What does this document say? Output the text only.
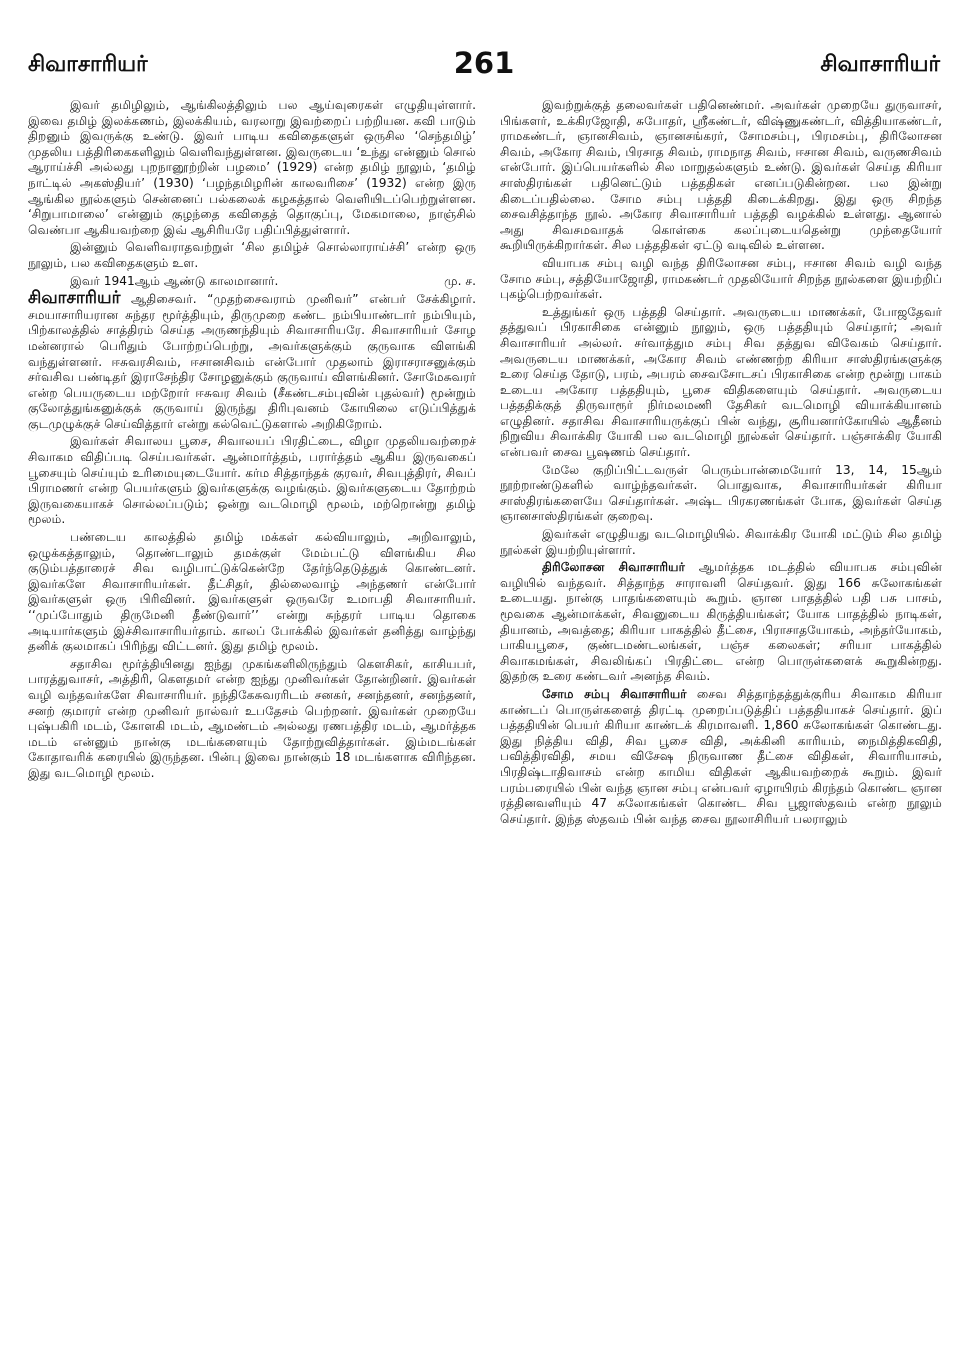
சிவாசாரியர்	261	சிவாசாரியர்

இவர் தமிழிலும், ஆங்கிலத்திலும் பல ஆய்வுரைகள் எழுதியுள்ளார். இவை தமிழ் இலக்கணம், இலக்கியம், வரலாறு இவற்றைப் பற்றியன. கவி பாடும் திறனும் இவருக்கு உண்டு. இவர் பாடிய கவிதைகளுள் ஒருசில ‘செந்தமிழ்’ முதலிய பத்திரிகைகளிலும் வெளிவந்துள்ளன. இவருடைய ‘உந்து என்னும் சொல் ஆராய்ச்சி அல்லது புறநானூற்றின் பழமை’ (1929) என்ற தமிழ் நூலும், ‘தமிழ் நாட்டில் அகஸ்தியர்’ (1930) ‘பழந்தமிழரின் காலவரிசை’ (1932) என்ற இரு ஆங்கில நூல்களும் சென்னைப் பல்கலைக் கழகத்தால் வெளியிடப்பெற்றுள்ளன. ‘சிறுபாமாலை’ என்னும் குழந்தை கவிதைத் தொகுப்பு, மேகமாலை, நாஞ்சில் வெண்பா ஆகியவற்றை இவ் ஆசிரியரே பதிப்பித்துள்ளார்.

இன்னும் வெளிவராதவற்றுள் ‘சில தமிழ்ச் சொல்லாராய்ச்சி’ என்ற ஒரு நூலும், பல கவிதைகளும் உள.

இவர் 1941ஆம் ஆண்டு காலமானார்.	மு. ச.

சிவாசாரியர் ஆதிசைவர். “முதற்சைவராம் முனிவர்” என்பர் சேக்கிழார். சமயாசாரியரான சுந்தர மூர்த்தியும், திருமுறை கண்ட நம்பியாண்டார் நம்பியும், பிற்காலத்தில் சாத்திரம் செய்த அருணந்தியும் சிவாசாரியரே. சிவாசாரியர் சோழ மன்னரால் பெரிதும் போற்றப்பெற்று, அவர்களுக்கும் குருவாக விளங்கி வந்துள்ளனர். ஈசுவரசிவம், ஈசானசிவம் என்போர் முதலாம் இராசராசனுக்கும் சர்வசிவ பண்டிதர் இராசேந்திர சோழனுக்கும் குருவாய் விளங்கினர். சோமேசுவரர் என்ற பெயருடைய மற்றோர் ஈசுவர சிவம் (சீகண்டசம்புவின் புதல்வர்) மூன்றும் குலோத்துங்கனுக்குக் குருவாய் இருந்து திரிபுவனம் கோயிலை எடுப்பித்துக் குடமுழுக்குச் செய்வித்தார் என்று கல்வெட்டுகளால் அறிகிறோம்.

இவர்கள் சிவாலய பூசை, சிவாலயப் பிரதிட்டை, விழா முதலியவற்றைச் சிவாகம விதிப்படி செய்பவர்கள். ஆன்மார்த்தம், பரார்த்தம் ஆகிய இருவகைப் பூசையும் செய்யும் உரிமையுடையோர். கர்ம சித்தாந்தக் குரவர், சிவபுத்திரர், சிவப் பிராமணர் என்ற பெயர்களும் இவர்களுக்கு வழங்கும். இவர்களுடைய தோற்றம் இருவகையாகச் சொல்லப்படும்; ஒன்று வடமொழி மூலம், மற்றொன்று தமிழ் மூலம்.

பண்டைய காலத்தில் தமிழ் மக்கள் கல்வியாலும், அறிவாலும், ஒழுக்கத்தாலும், தொண்டாலும் தமக்குள் மேம்பட்டு விளங்கிய சில குடும்பத்தாரைச் சிவ வழிபாட்டுக்கென்றே தேர்ந்தெடுத்துக் கொண்டனர். இவர்களே சிவாசாரியர்கள். தீட்சிதர், தில்லைவாழ் அந்தணர் என்போர் இவர்களுள் ஒரு பிரிவினர். இவர்களுள் ஒருவரே உமாபதி சிவாசாரியர். ‘‘முப்போதும் திருமேனி தீண்டுவார்’’ என்று சுந்தரர் பாடிய தொகை அடியார்களும் இச்சிவாசாரியர்தாம். காலப் போக்கில் இவர்கள் தனித்து வாழ்ந்து தனிக் குலமாகப் பிரிந்து விட்டனர். இது தமிழ் மூலம்.

சதாசிவ மூர்த்தியினது ஐந்து முகங்களிலிருந்தும் கௌசிகர், காசியபர், பாரத்துவாசர், அத்திரி, கௌதமர் என்ற ஐந்து முனிவர்கள் தோன்றினர். இவர்கள் வழி வந்தவர்களே சிவாசாரியர். நந்திகேசுவரரிடம் சனகர், சனந்தனர், சனந்தனர், சனற் குமாரர் என்ற முனிவர் நால்வர் உபதேசம் பெற்றனர். இவர்கள் முறையே புஷ்பகிரி மடம், கோளகி மடம், ஆமண்டம் அல்லது ரணபத்திர மடம், ஆமர்த்தக மடம் என்னும் நான்கு மடங்களையும் தோற்றுவித்தார்கள். இம்மடங்கள் கோதாவரிக் கரையில் இருந்தன. பின்பு இவை நான்கும் 18 மடங்களாக விரிந்தன. இது வடமொழி மூலம்.

இவற்றுக்குத் தலைவர்கள் பதினெண்மர். அவர்கள் முறையே துருவாசர், பிங்களர், உக்கிரஜோதி, சுபோதர், ஸ்ரீகண்டர், விஷ்ணுகண்டர், வித்தியாகண்டர், ராமகண்டர், ஞானசிவம், ஞானசங்கரர், சோமசம்பு, பிரமசம்பு, திரிலோசன சிவம், அகோர சிவம், பிரசாத சிவம், ராமநாத சிவம், ஈசான சிவம், வருணசிவம் என்போர். இப்பெயர்களில் சில மாறுதல்களும் உண்டு. இவர்கள் செய்த கிரியா சாஸ்திரங்கள் பதினெட்டும் பத்ததிகள் எனப்படுகின்றன. பல இன்று கிடைப்பதில்லை. சோம சம்பு பத்ததி கிடைக்கிறது. இது ஒரு சிறந்த சைவசித்தாந்த நூல். அகோர சிவாசாரியர் பத்ததி வழக்கில் உள்ளது. ஆனால் அது சிவசமவாதக் கொள்கை கலப்புடையதென்று முந்தையோர் கூறியிருக்கிறார்கள். சில பத்ததிகள் ஏட்டு வடிவில் உள்ளன.

வியாபக சம்பு வழி வந்த திரிலோசன சம்பு, ஈசான சிவம் வழி வந்த சோம சம்பு, சத்தியோஜோதி, ராமகண்டர் முதலியோர் சிறந்த நூல்களை இயற்றிப் புகழ்பெற்றவர்கள்.

உத்துங்கர் ஒரு பத்ததி செய்தார். அவருடைய மாணக்கர், போஜதேவர் தத்துவப் பிரகாசிகை என்னும் நூலும், ஒரு பத்ததியும் செய்தார்; அவர் சிவாசாரியர் அல்லர். சர்வாத்தும சம்பு சிவ தத்துவ விவேகம் செய்தார். அவருடைய மாணக்கர், அகோர சிவம் எண்ணற்ற கிரியா சாஸ்திரங்களுக்கு உரை செய்த தோடு, பரம், அபரம் சைவசோடசப் பிரகாசிகை என்ற மூன்று பாகம் உடைய அகோர பத்ததியும், பூசை விதிகளையும் செய்தார். அவருடைய பத்ததிக்குத் திருவாரூர் நிர்மலமணி தேசிகர் வடமொழி வியாக்கியானம் எழுதினர். சதாசிவ சிவாசாரியருக்குப் பின் வந்து, சூரியனார்கோயில் ஆதீனம் நிறுவிய சிவாக்கிர யோகி பல வடமொழி நூல்கள் செய்தார். பஞ்சாக்கிர யோகி என்பவர் சைவ பூஷணம் செய்தார்.

மேலே குறிப்பிட்டவருள் பெரும்பான்மையோர் 13, 14, 15ஆம் நூற்றாண்டுகளில் வாழ்ந்தவர்கள். பொதுவாக, சிவாசாரியர்கள் கிரியா சாஸ்திரங்களையே செய்தார்கள். அஷ்ட பிரகரணங்கள் போக, இவர்கள் செய்த ஞானசாஸ்திரங்கள் குறைவு.

இவர்கள் எழுதியது வடமொழியில். சிவாக்கிர யோகி மட்டும் சில தமிழ் நூல்கள் இயற்றியுள்ளார்.

திரிலோசன சிவாசாரியர் ஆமர்த்தக மடத்தில் வியாபக சம்புவின் வழியில் வந்தவர். சித்தாந்த சாராவளி செய்தவர். இது 166 சுலோகங்கள் உடையது. நான்கு பாதங்களையும் கூறும். ஞான பாதத்தில் பதி பசு பாசம், மூவகை ஆன்மாக்கள், சிவனுடைய கிருத்தியங்கள்; யோக பாதத்தில் நாடிகள், தியானம், அவத்தை; கிரியா பாகத்தில் தீட்சை, பிராசாதயோகம், அந்தர்யோகம், பாகியபூசை, குண்டமண்டலங்கள், பஞ்ச கலைகள்; சரியா பாகத்தில் சிவாகமங்கள், சிவலிங்கப் பிரதிட்டை என்ற பொருள்களைக் கூறுகின்றது. இதற்கு உரை கண்டவர் அனந்த சிவம்.

சோம சம்பு சிவாசாரியர் சைவ சித்தாந்தத்துக்குரிய சிவாகம கிரியா காண்டப் பொருள்களைத் திரட்டி முறைப்படுத்திப் பத்ததியாகச் செய்தார். இப் பத்ததியின் பெயர் கிரியா காண்டக் கிரமாவளி. 1,860 சுலோகங்கள் கொண்டது. இது நித்திய விதி, சிவ பூசை விதி, அக்கினி காரியம், நைமித்திகவிதி, பவித்திரவிதி, சமய விசேஷ நிருவாண தீட்சை விதிகள், சிவாரியாசம், பிரதிஷ்டாதிவாசம் என்ற காமிய விதிகள் ஆகியவற்றைக் கூறும். இவர் பரம்பரையில் பின் வந்த ஞான சம்பு என்பவர் ஏழாயிரம் கிரந்தம் கொண்ட ஞான ரத்தினவளியும் 47 சுலோகங்கள் கொண்ட சிவ பூஜாஸ்தவம் என்ற நூலும் செய்தார். இந்த ஸ்தவம் பின் வந்த சைவ நூலாசிரியர் பலராலும்
